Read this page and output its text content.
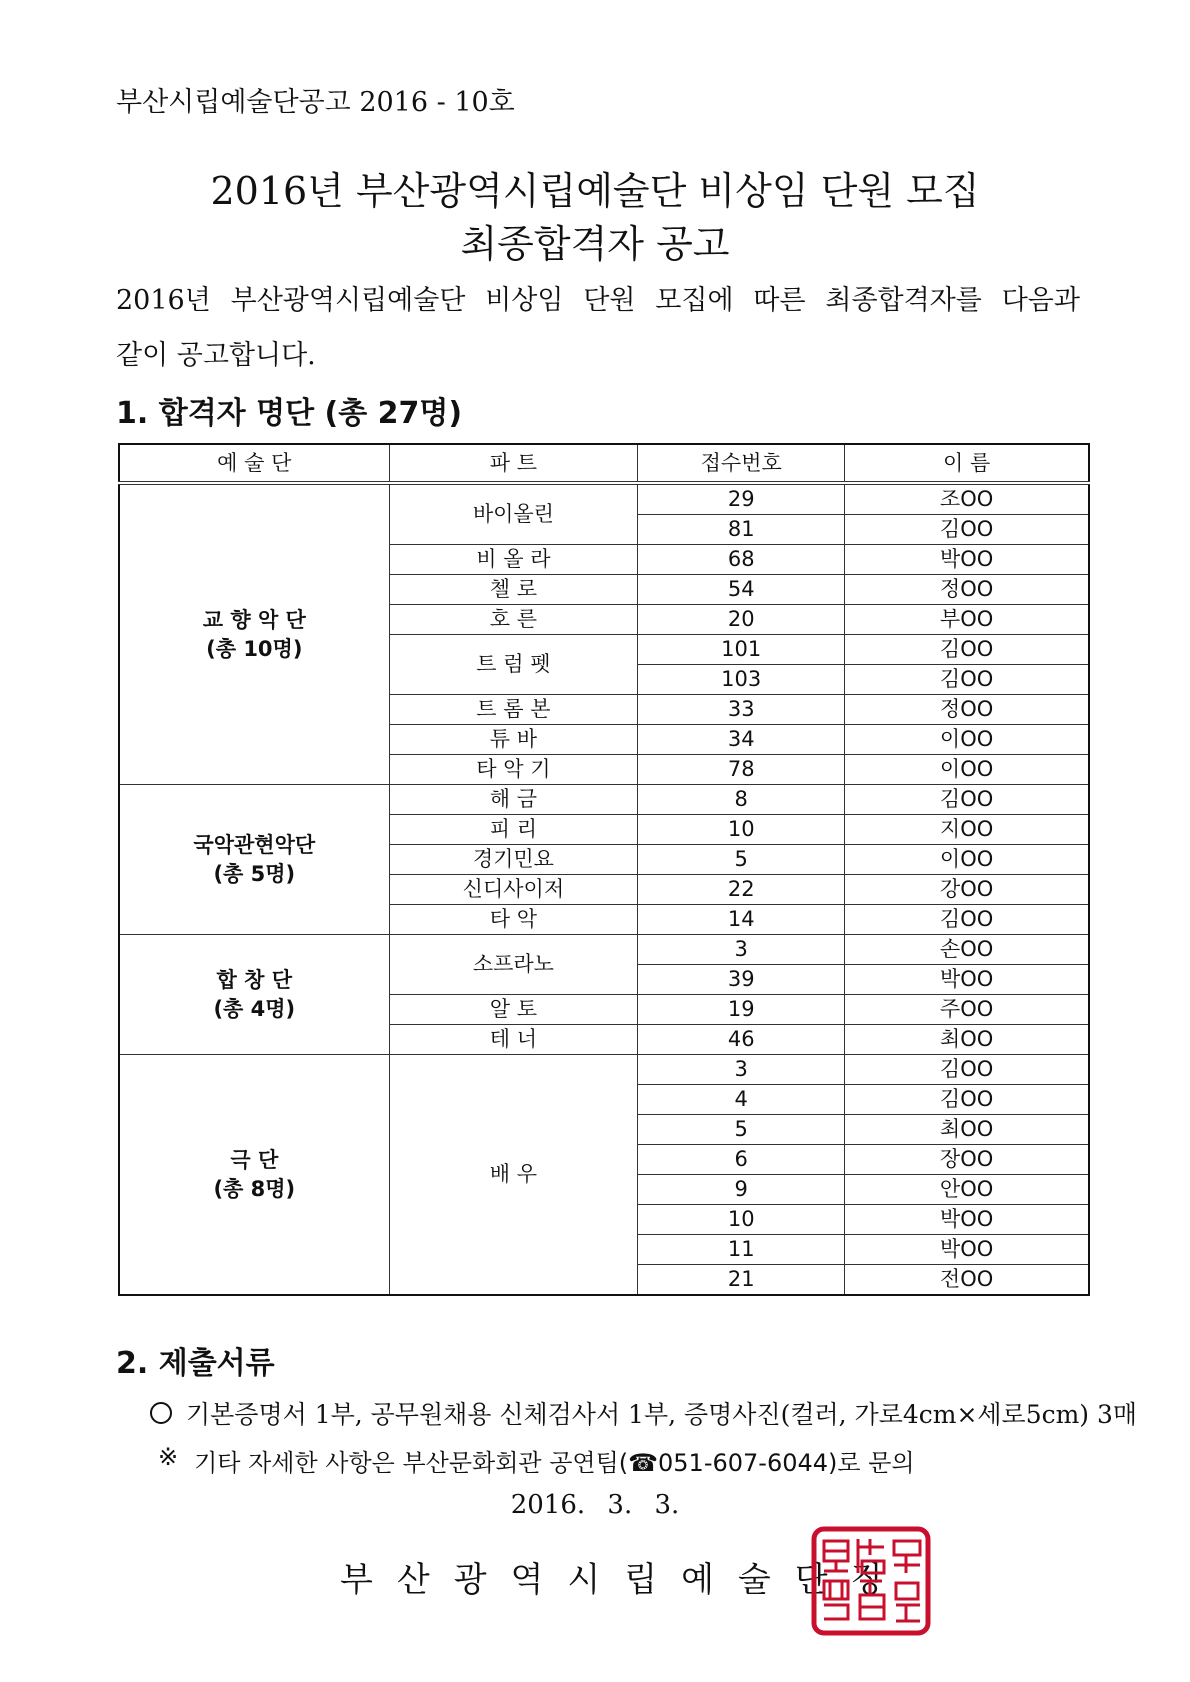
부산시립예술단공고 2016 - 10호
2016년 부산광역시립예술단 비상임 단원 모집
최종합격자 공고
2016년 부산광역시립예술단 비상임 단원 모집에 따른 최종합격자를 다음과
같이 공고합니다.
1. 합격자 명단 (총 27명)
예 술 단	파 트	접수번호	이 름

교 향 악 단
(총 10명)	바이올린	29	조OO
		81	김OO
	비 올 라	68	박OO
	첼 로	54	정OO
	호 른	20	부OO
	트 럼 펫	101	김OO
		103	김OO
	트 롬 본	33	정OO
	튜 바	34	이OO
	타 악 기	78	이OO

국악관현악단
(총 5명)	해 금	8	김OO
	피 리	10	지OO
	경기민요	5	이OO
	신디사이저	22	강OO
	타 악	14	김OO

합 창 단
(총 4명)	소프라노	3	손OO
		39	박OO
	알 토	19	주OO
	테 너	46	최OO

극 단
(총 8명)	배 우	3	김OO
		4	김OO
		5	최OO
		6	장OO
		9	안OO
		10	박OO
		11	박OO
		21	전OO
2. 제출서류
기본증명서 1부, 공무원채용 신체검사서 1부, 증명사진(컬러, 가로4cm×세로5cm) 3매
※ 기타 자세한 사항은 부산문화회관 공연팀(☎051-607-6044)로 문의
2016. 3. 3.
부산광역시립예술단장
